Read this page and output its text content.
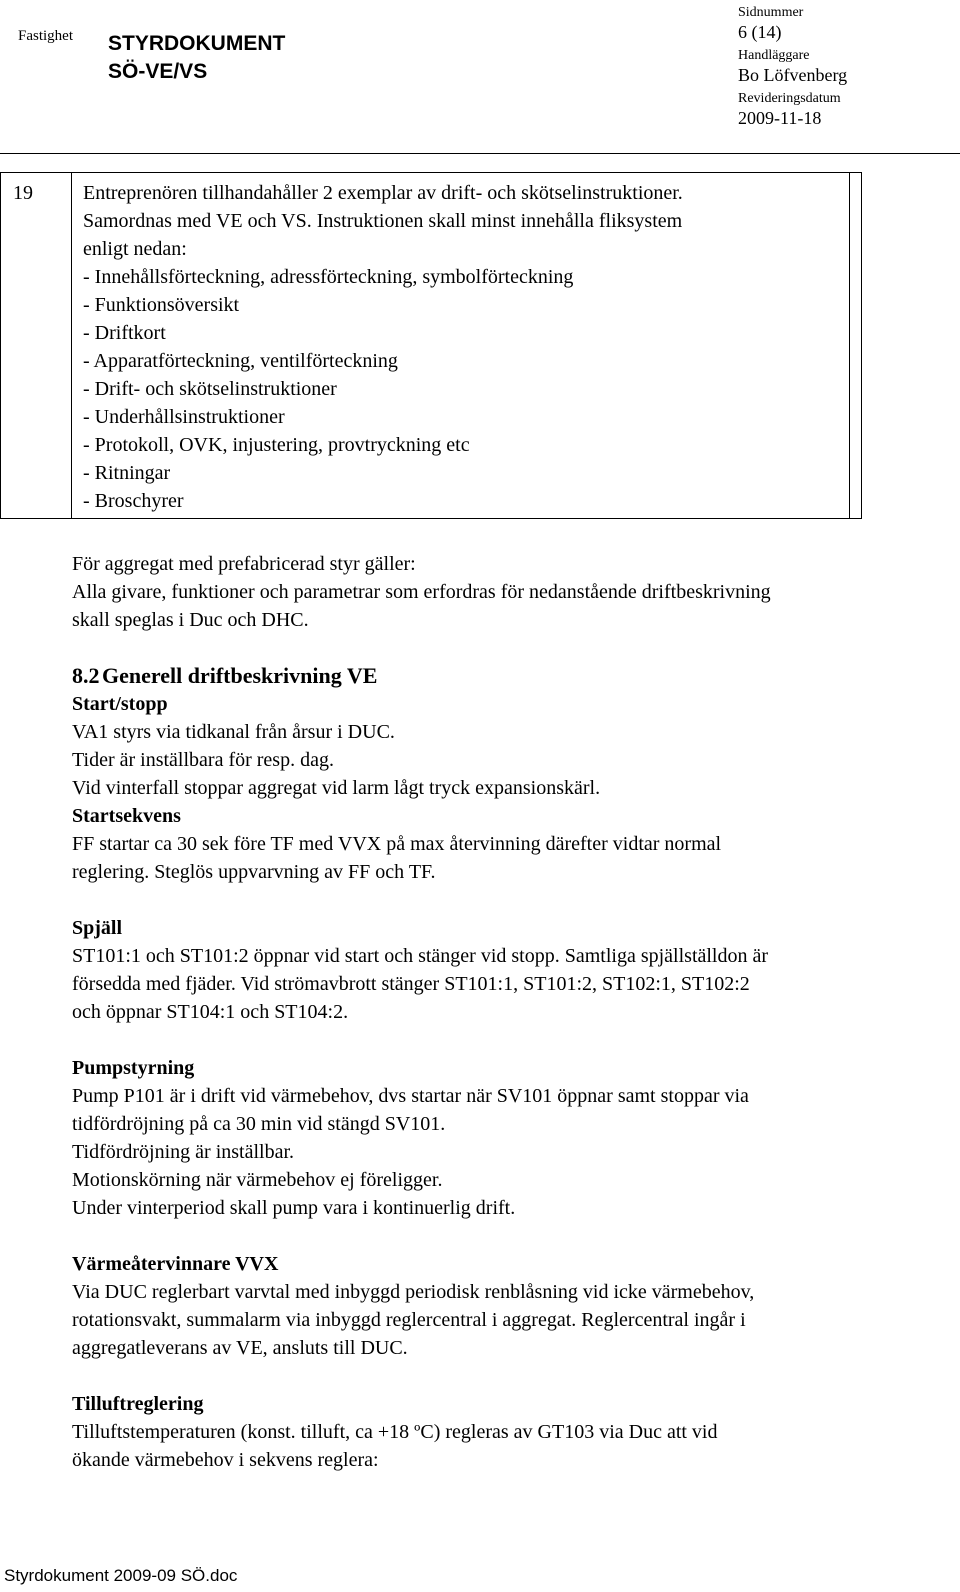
Fastighet STYRDOKUMENT
SÖ-VE/VS
Sidnummer
6 (14)
Handläggare
Bo Löfvenberg
Revideringsdatum
2009-11-18
19	Entreprenören tillhandahåller 2 exemplar av drift- och skötselinstruktioner.
Samordnas med VE och VS. Instruktionen skall minst innehålla fliksystem
enligt nedan:
- Innehållsförteckning, adressförteckning, symbolförteckning
- Funktionsöversikt
- Driftkort
- Apparatförteckning, ventilförteckning
- Drift- och skötselinstruktioner
- Underhållsinstruktioner
- Protokoll, OVK, injustering, provtryckning etc
- Ritningar
- Broschyrer
8.2 Generell driftbeskrivning VE

För aggregat med prefabricerad styr gäller:

Alla givare, funktioner och parametrar som erfordras för nedanstående driftbeskrivning

skall speglas i Duc och DHC.

Start/stopp

VA1 styrs via tidkanal från årsur i DUC.

Tider är inställbara för resp. dag.

Vid vinterfall stoppar aggregat vid larm lågt tryck expansionskärl.

Startsekvens

FF startar ca 30 sek före TF med VVX på max återvinning därefter vidtar normal

reglering. Steglös uppvarvning av FF och TF.

Spjäll

ST101:1 och ST101:2 öppnar vid start och stänger vid stopp. Samtliga spjällställdon är

försedda med fjäder. Vid strömavbrott stänger ST101:1, ST101:2, ST102:1, ST102:2

och öppnar ST104:1 och ST104:2.

Pumpstyrning

Pump P101 är i drift vid värmebehov, dvs startar när SV101 öppnar samt stoppar via

tidfördröjning på ca 30 min vid stängd SV101.

Tidfördröjning är inställbar.

Motionskörning när värmebehov ej föreligger.

Under vinterperiod skall pump vara i kontinuerlig drift.

Värmeåtervinnare VVX

Via DUC reglerbart varvtal med inbyggd periodisk renblåsning vid icke värmebehov,

rotationsvakt, summalarm via inbyggd reglercentral i aggregat. Reglercentral ingår i

aggregatleverans av VE, ansluts till DUC.

Tilluftreglering

Tilluftstemperaturen (konst. tilluft, ca +18 ºC) regleras av GT103 via Duc att vid

ökande värmebehov i sekvens reglera:

Styrdokument 2009-09 SÖ.doc
